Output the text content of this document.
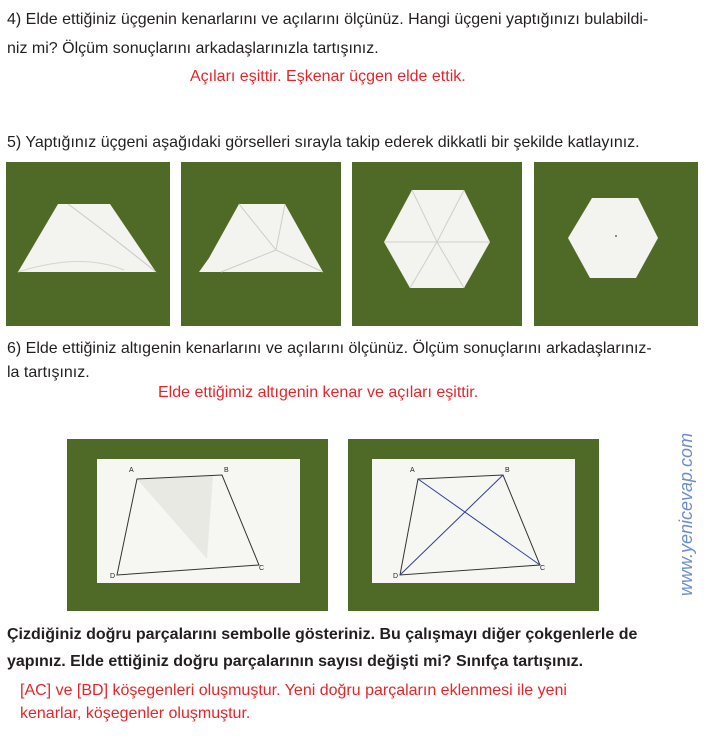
4) Elde ettiğiniz üçgenin kenarlarını ve açılarını ölçünüz. Hangi üçgeni yaptığınızı bulabildi-
niz mi? Ölçüm sonuçlarını arkadaşlarınızla tartışınız.
Açıları eşittir. Eşkenar üçgen elde ettik.
5) Yaptığınız üçgeni aşağıdaki görselleri sırayla takip ederek dikkatli bir şekilde katlayınız.
6) Elde ettiğiniz altıgenin kenarlarını ve açılarını ölçünüz. Ölçüm sonuçlarını arkadaşlarınız-
la tartışınız.
Elde ettiğimiz altıgenin kenar ve açıları eşittir.
A	B
C
D
A	B
C
D	www.yenicevap.com
Çizdiğiniz doğru parçalarını sembolle gösteriniz. Bu çalışmayı diğer çokgenlerle de
yapınız. Elde ettiğiniz doğru parçalarının sayısı değişti mi? Sınıfça tartışınız.
[AC] ve [BD] köşegenleri oluşmuştur. Yeni doğru parçaların eklenmesi ile yeni
kenarlar, köşegenler oluşmuştur.
